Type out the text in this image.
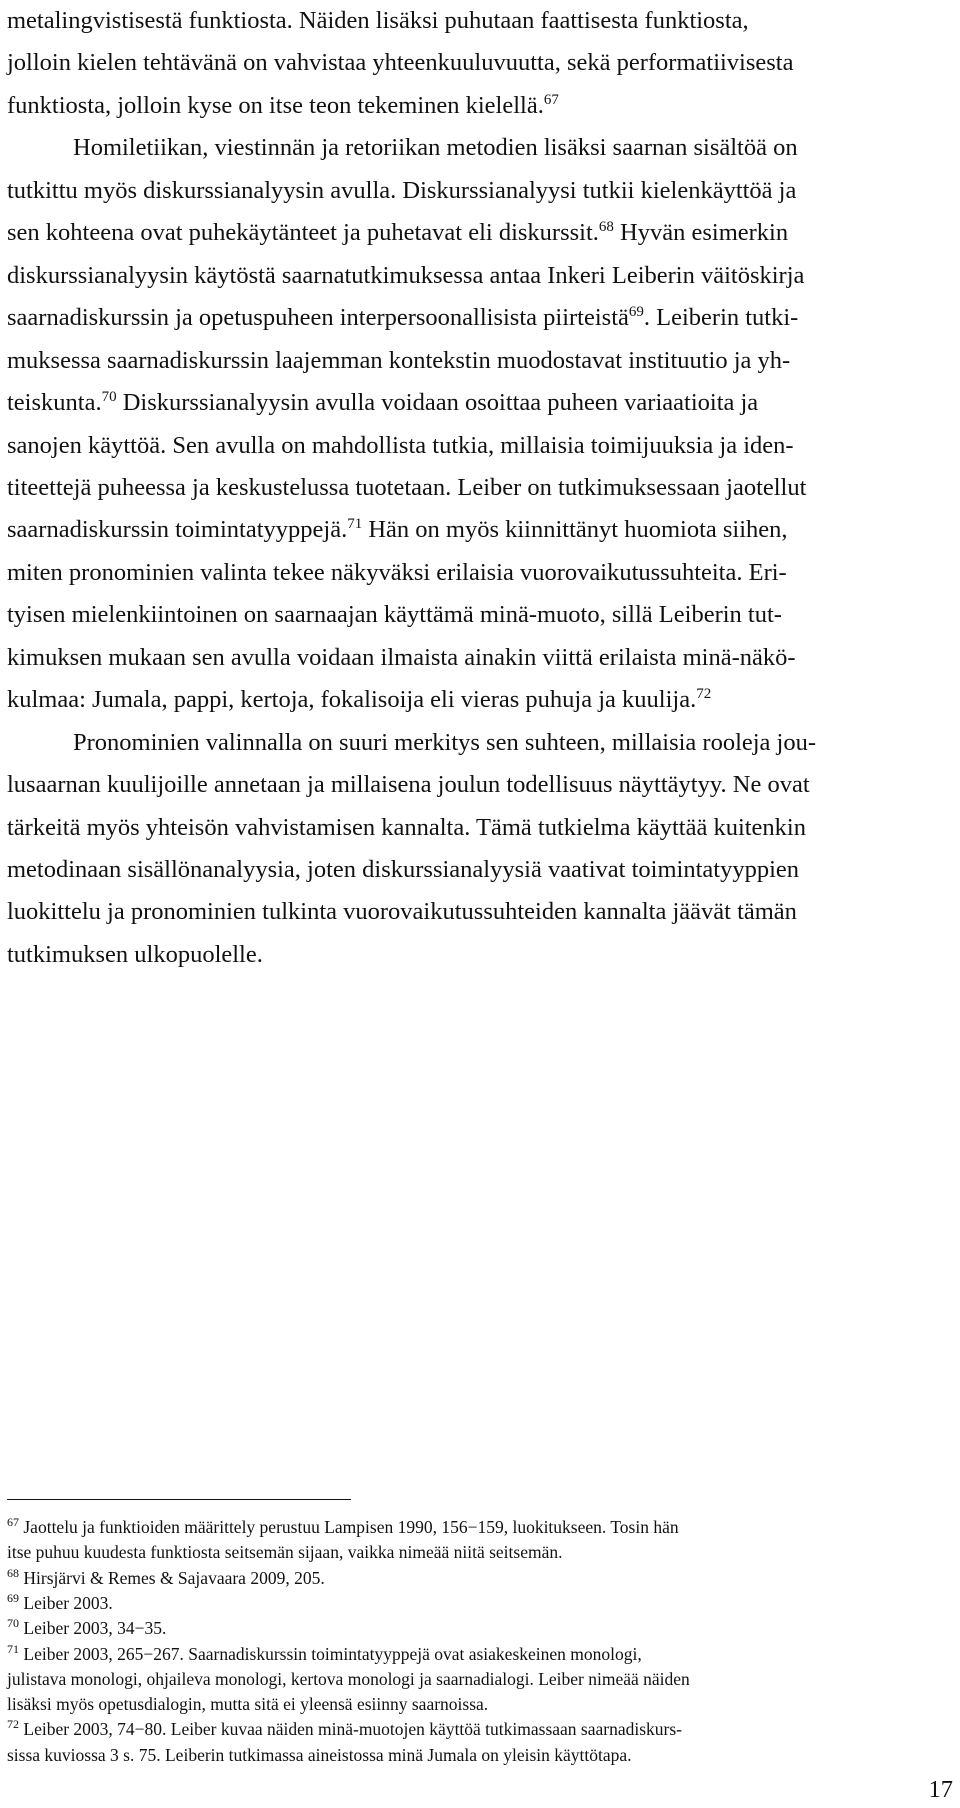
metalingvistisestä funktiosta. Näiden lisäksi puhutaan faattisesta funktiosta,
jolloin kielen tehtävänä on vahvistaa yhteenkuuluvuutta, sekä performatiivisesta
funktiosta, jolloin kyse on itse teon tekeminen kielellä.$^{67}$
Homiletiikan, viestinnän ja retoriikan metodien lisäksi saarnan sisältöä on
tutkittu myös diskurssianalyysin avulla. Diskurssianalyysi tutkii kielenkäyttöä ja
sen kohteena ovat puhekäytänteet ja puhetavat eli diskurssit.$^{68}$ Hyvän esimerkin
diskurssianalyysin käytöstä saarnatutkimuksessa antaa Inkeri Leiberin väitöskirja
saarnadiskurssin ja opetuspuheen interpersoonallisista piirteistä$^{69}$. Leiberin tutki-
muksessa saarnadiskurssin laajemman kontekstin muodostavat instituutio ja yh-
teiskunta.$^{70}$ Diskurssianalyysin avulla voidaan osoittaa puheen variaatioita ja
sanojen käyttöä. Sen avulla on mahdollista tutkia, millaisia toimijuuksia ja iden-
titeettejä puheessa ja keskustelussa tuotetaan. Leiber on tutkimuksessaan jaotellut
saarnadiskurssin toimintatyyppejä.$^{71}$ Hän on myös kiinnittänyt huomiota siihen,
miten pronominien valinta tekee näkyväksi erilaisia vuorovaikutussuhteita. Eri-
tyisen mielenkiintoinen on saarnaajan käyttämä minä-muoto, sillä Leiberin tut-
kimuksen mukaan sen avulla voidaan ilmaista ainakin viittä erilaista minä-näkö-
kulmaa: Jumala, pappi, kertoja, fokalisoija eli vieras puhuja ja kuulija.$^{72}$
Pronominien valinnalla on suuri merkitys sen suhteen, millaisia rooleja jou-
lusaarnan kuulijoille annetaan ja millaisena joulun todellisuus näyttäytyy. Ne ovat
tärkeitä myös yhteisön vahvistamisen kannalta. Tämä tutkielma käyttää kuitenkin
metodinaan sisällönanalyysia, joten diskurssianalyysiä vaativat toimintatyyppien
luokittelu ja pronominien tulkinta vuorovaikutussuhteiden kannalta jäävät tämän
tutkimuksen ulkopuolelle.
$^{67}$ Jaottelu ja funktioiden määrittely perustuu Lampisen 1990, 156−159, luokitukseen. Tosin hän
itse puhuu kuudesta funktiosta seitsemän sijaan, vaikka nimeää niitä seitsemän.
$^{68}$ Hirsjärvi & Remes & Sajavaara 2009, 205.
$^{69}$ Leiber 2003.
$^{70}$ Leiber 2003, 34−35.
$^{71}$ Leiber 2003, 265−267. Saarnadiskurssin toimintatyyppejä ovat asiakeskeinen monologi,
julistava monologi, ohjaileva monologi, kertova monologi ja saarnadialogi. Leiber nimeää näiden
lisäksi myös opetusdialogin, mutta sitä ei yleensä esiinny saarnoissa.
$^{72}$ Leiber 2003, 74−80. Leiber kuvaa näiden minä-muotojen käyttöä tutkimassaan saarnadiskurs-
sissa kuviossa 3 s. 75. Leiberin tutkimassa aineistossa minä Jumala on yleisin käyttötapa.
17
